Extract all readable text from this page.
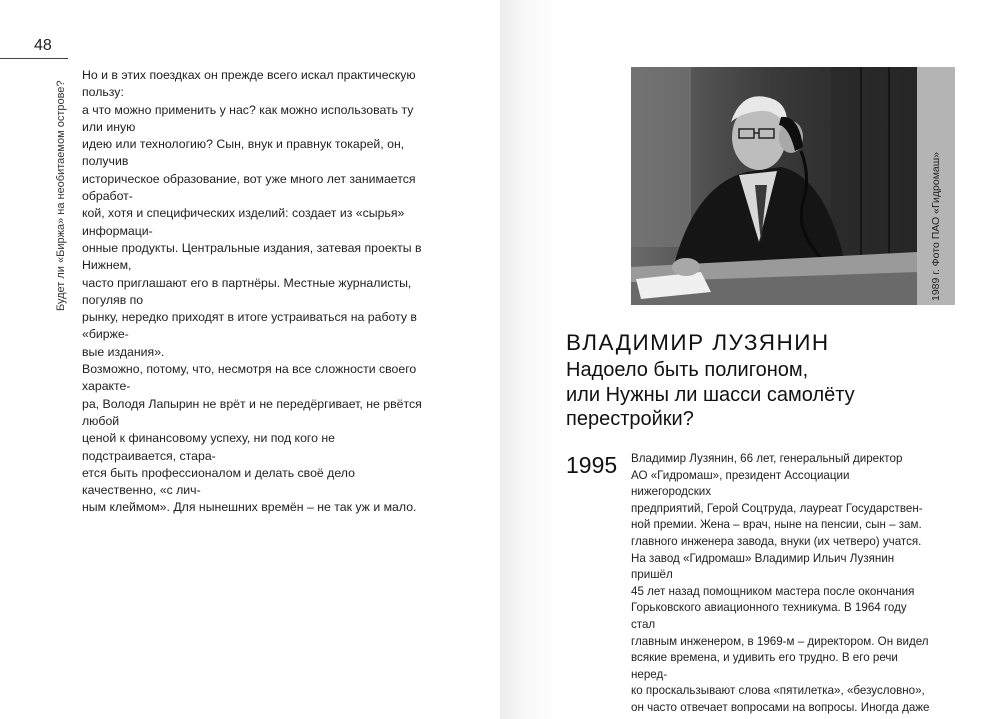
48
Будет ли «Биржа» на необитаемом острове?

Но и в этих поездках он прежде всего искал практическую пользу:

а что можно применить у нас? как можно использовать ту или иную

идею или технологию? Сын, внук и правнук токарей, он, получив

историческое образование, вот уже много лет занимается обработ-

кой, хотя и специфических изделий: создает из «сырья» информаци-

онные продукты. Центральные издания, затевая проекты в Нижнем,

часто приглашают его в партнёры. Местные журналисты, погуляв по

рынку, нередко приходят в итоге устраиваться на работу в «бирже-

вые издания».

Возможно, потому, что, несмотря на все сложности своего характе-

ра, Володя Лапырин не врёт и не передёргивает, не рвётся любой

ценой к финансовому успеху, ни под кого не подстраивается, стара-

ется быть профессионалом и делать своё дело качественно, «с лич-

ным клеймом». Для нынешних времён – не так уж и мало.

1989 г. Фото ПАО «Гидромаш»
ВЛАДИМИР ЛУЗЯНИН
Надоело быть полигоном,
или Нужны ли шасси самолёту
перестройки?
1995 Владимир Лузянин, 66 лет, генеральный директор

АО «Гидромаш», президент Ассоциации нижегородских

предприятий, Герой Соцтруда, лауреат Государствен-

ной премии. Жена – врач, ныне на пенсии, сын – зам.

главного инженера завода, внуки (их четверо) учатся.

На завод «Гидромаш» Владимир Ильич Лузянин пришёл

45 лет назад помощником мастера после окончания

Горьковского авиационного техникума. В 1964 году стал

главным инженером, в 1969-м – директором. Он видел

всякие времена, и удивить его трудно. В его речи неред-

ко проскальзывают слова «пятилетка», «безусловно»,

он часто отвечает вопросами на вопросы. Иногда даже
